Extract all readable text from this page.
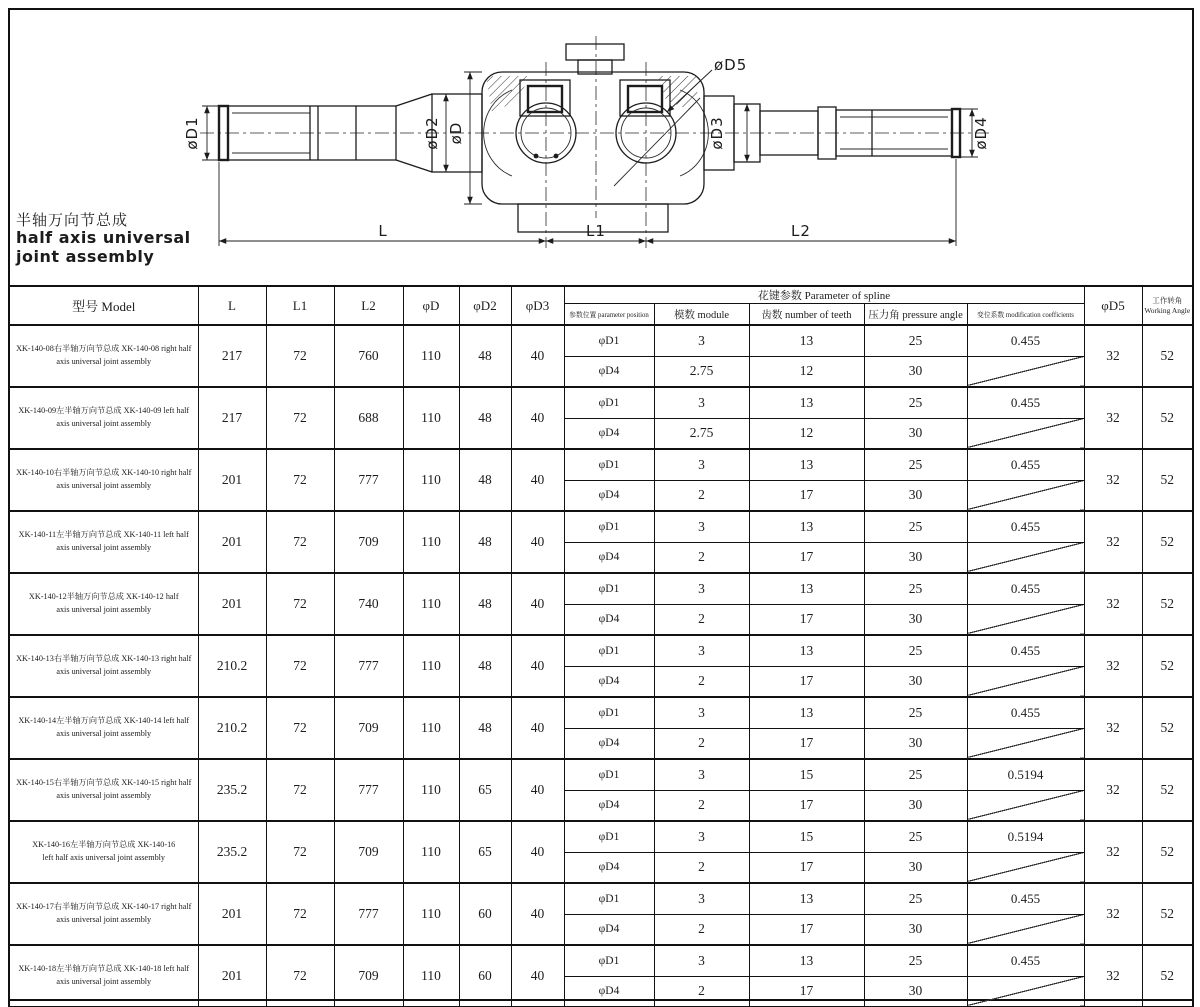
øD1	øD2 øD	øD3	øD4
øD5
L	L1	L2
半轴万向节总成
half axis universal
joint assembly
型号 Model	L	L1	L2	φD	φD2	φD3	花键参数 Parameter of spline					φD5	工作转角
Working Angle

							参数位置 parameter position	模数 module	齿数 number of teeth	压力角 pressure angle	变位系数 modification coefficients		

XK-140-08右半轴万向节总成 XK-140-08 right half
axis universal joint assembly	217	72	760	110	48	40	φD1	3	13	25	0.455	32	52
							φD4	2.75	12	30			

XK-140-09左半轴万向节总成 XK-140-09 left half
axis universal joint assembly	217	72	688	110	48	40	φD1	3	13	25	0.455	32	52
							φD4	2.75	12	30			

XK-140-10右半轴万向节总成 XK-140-10 right half
axis universal joint assembly	201	72	777	110	48	40	φD1	3	13	25	0.455	32	52
							φD4	2	17	30			

XK-140-11左半轴万向节总成 XK-140-11 left half
axis universal joint assembly	201	72	709	110	48	40	φD1	3	13	25	0.455	32	52
							φD4	2	17	30			

XK-140-12半轴万向节总成 XK-140-12 half
axis universal joint assembly	201	72	740	110	48	40	φD1	3	13	25	0.455	32	52
							φD4	2	17	30			

XK-140-13右半轴万向节总成 XK-140-13 right half
axis universal joint assembly	210.2	72	777	110	48	40	φD1	3	13	25	0.455	32	52
							φD4	2	17	30			

XK-140-14左半轴万向节总成 XK-140-14 left half
axis universal joint assembly	210.2	72	709	110	48	40	φD1	3	13	25	0.455	32	52
							φD4	2	17	30			

XK-140-15右半轴万向节总成 XK-140-15 right half
axis universal joint assembly	235.2	72	777	110	65	40	φD1	3	15	25	0.5194	32	52
							φD4	2	17	30			

XK-140-16左半轴万向节总成 XK-140-16
left half axis universal joint assembly	235.2	72	709	110	65	40	φD1	3	15	25	0.5194	32	52
							φD4	2	17	30			

XK-140-17右半轴万向节总成 XK-140-17 right half
axis universal joint assembly	201	72	777	110	60	40	φD1	3	13	25	0.455	32	52
							φD4	2	17	30			

XK-140-18左半轴万向节总成 XK-140-18 left half
axis universal joint assembly	201	72	709	110	60	40	φD1	3	13	25	0.455	32	52
							φD4	2	17	30			
